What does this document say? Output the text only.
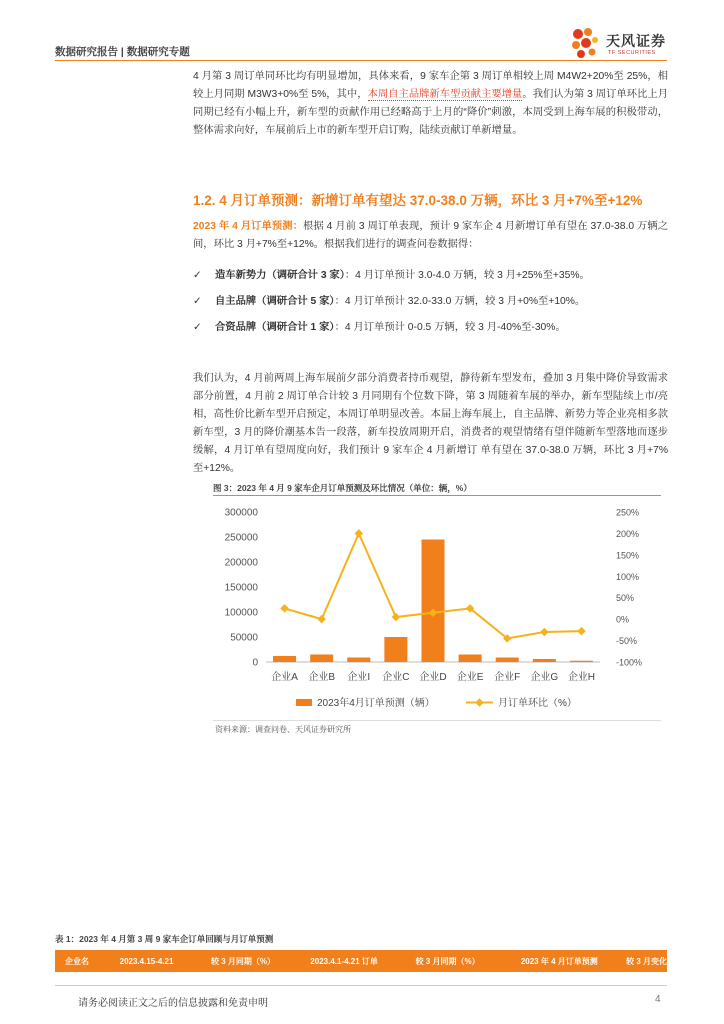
数据研究报告 | 数据研究专题
天风证券
TF SECURITIES

4 月第 3 周订单同环比均有明显增加，具体来看，9 家车企第 3 周订单相较上周 M4W2+20%至 25%，相较上月同期 M3W3+0%至 5%，其中，本周自主品牌新车型贡献主要增量。我们认为第 3 周订单环比上月同期已经有小幅上升，新车型的贡献作用已经略高于上月的“降价”刺激，本周受到上海车展的积极带动，整体需求向好，车展前后上市的新车型开启订购，陆续贡献订单新增量。

1.2. 4 月订单预测：新增订单有望达 37.0-38.0 万辆，环比 3 月+7%至+12%

2023 年 4 月订单预测：根据 4 月前 3 周订单表现，预计 9 家车企 4 月新增订单有望在 37.0-38.0 万辆之间，环比 3 月+7%至+12%。根据我们进行的调查问卷数据得：

✓ 造车新势力（调研合计 3 家）：4 月订单预计 3.0-4.0 万辆，较 3 月+25%至+35%。
✓ 自主品牌（调研合计 5 家）：4 月订单预计 32.0-33.0 万辆，较 3 月+0%至+10%。
✓ 合资品牌（调研合计 1 家）：4 月订单预计 0-0.5 万辆，较 3 月-40%至-30%。

我们认为，4 月前两周上海车展前夕部分消费者持币观望，静待新车型发布，叠加 3 月集中降价导致需求部分前置，4 月前 2 周订单合计较 3 月同期有个位数下降，第 3 周随着车展的举办，新车型陆续上市/亮相，高性价比新车型开启预定，本周订单明显改善。本届上海车展上，自主品牌、新势力等企业亮相多款新车型，3 月的降价潮基本告一段落，新车投放周期开启，消费者的观望情绪有望伴随新车型落地而逐步缓解，4 月订单有望周度向好，我们预计 9 家车企 4 月新增订 单有望在 37.0-38.0 万辆，环比 3 月+7%至+12%。

图 3：2023 年 4 月 9 家车企月订单预测及环比情况（单位：辆，%）
0
50000
100000
150000
200000
250000
300000
-100%
-50%
0%
50%
100%
150%
200%
250%
企业A 企业B 企业I 企业C 企业D 企业E 企业F 企业G 企业H
2023年4月订单预测（辆）	月订单环比（%）
资料来源：调查问卷、天风证券研究所
表 1：2023 年 4 月第 3 周 9 家车企订单回顾与月订单预测
企业名	2023.4.15-4.21	较 3 月同期（%）	2023.4.1-4.21 订单	较 3 月同期（%）	2023 年 4 月订单预测	较 3 月变化
请务必阅读正文之后的信息披露和免责申明	4
